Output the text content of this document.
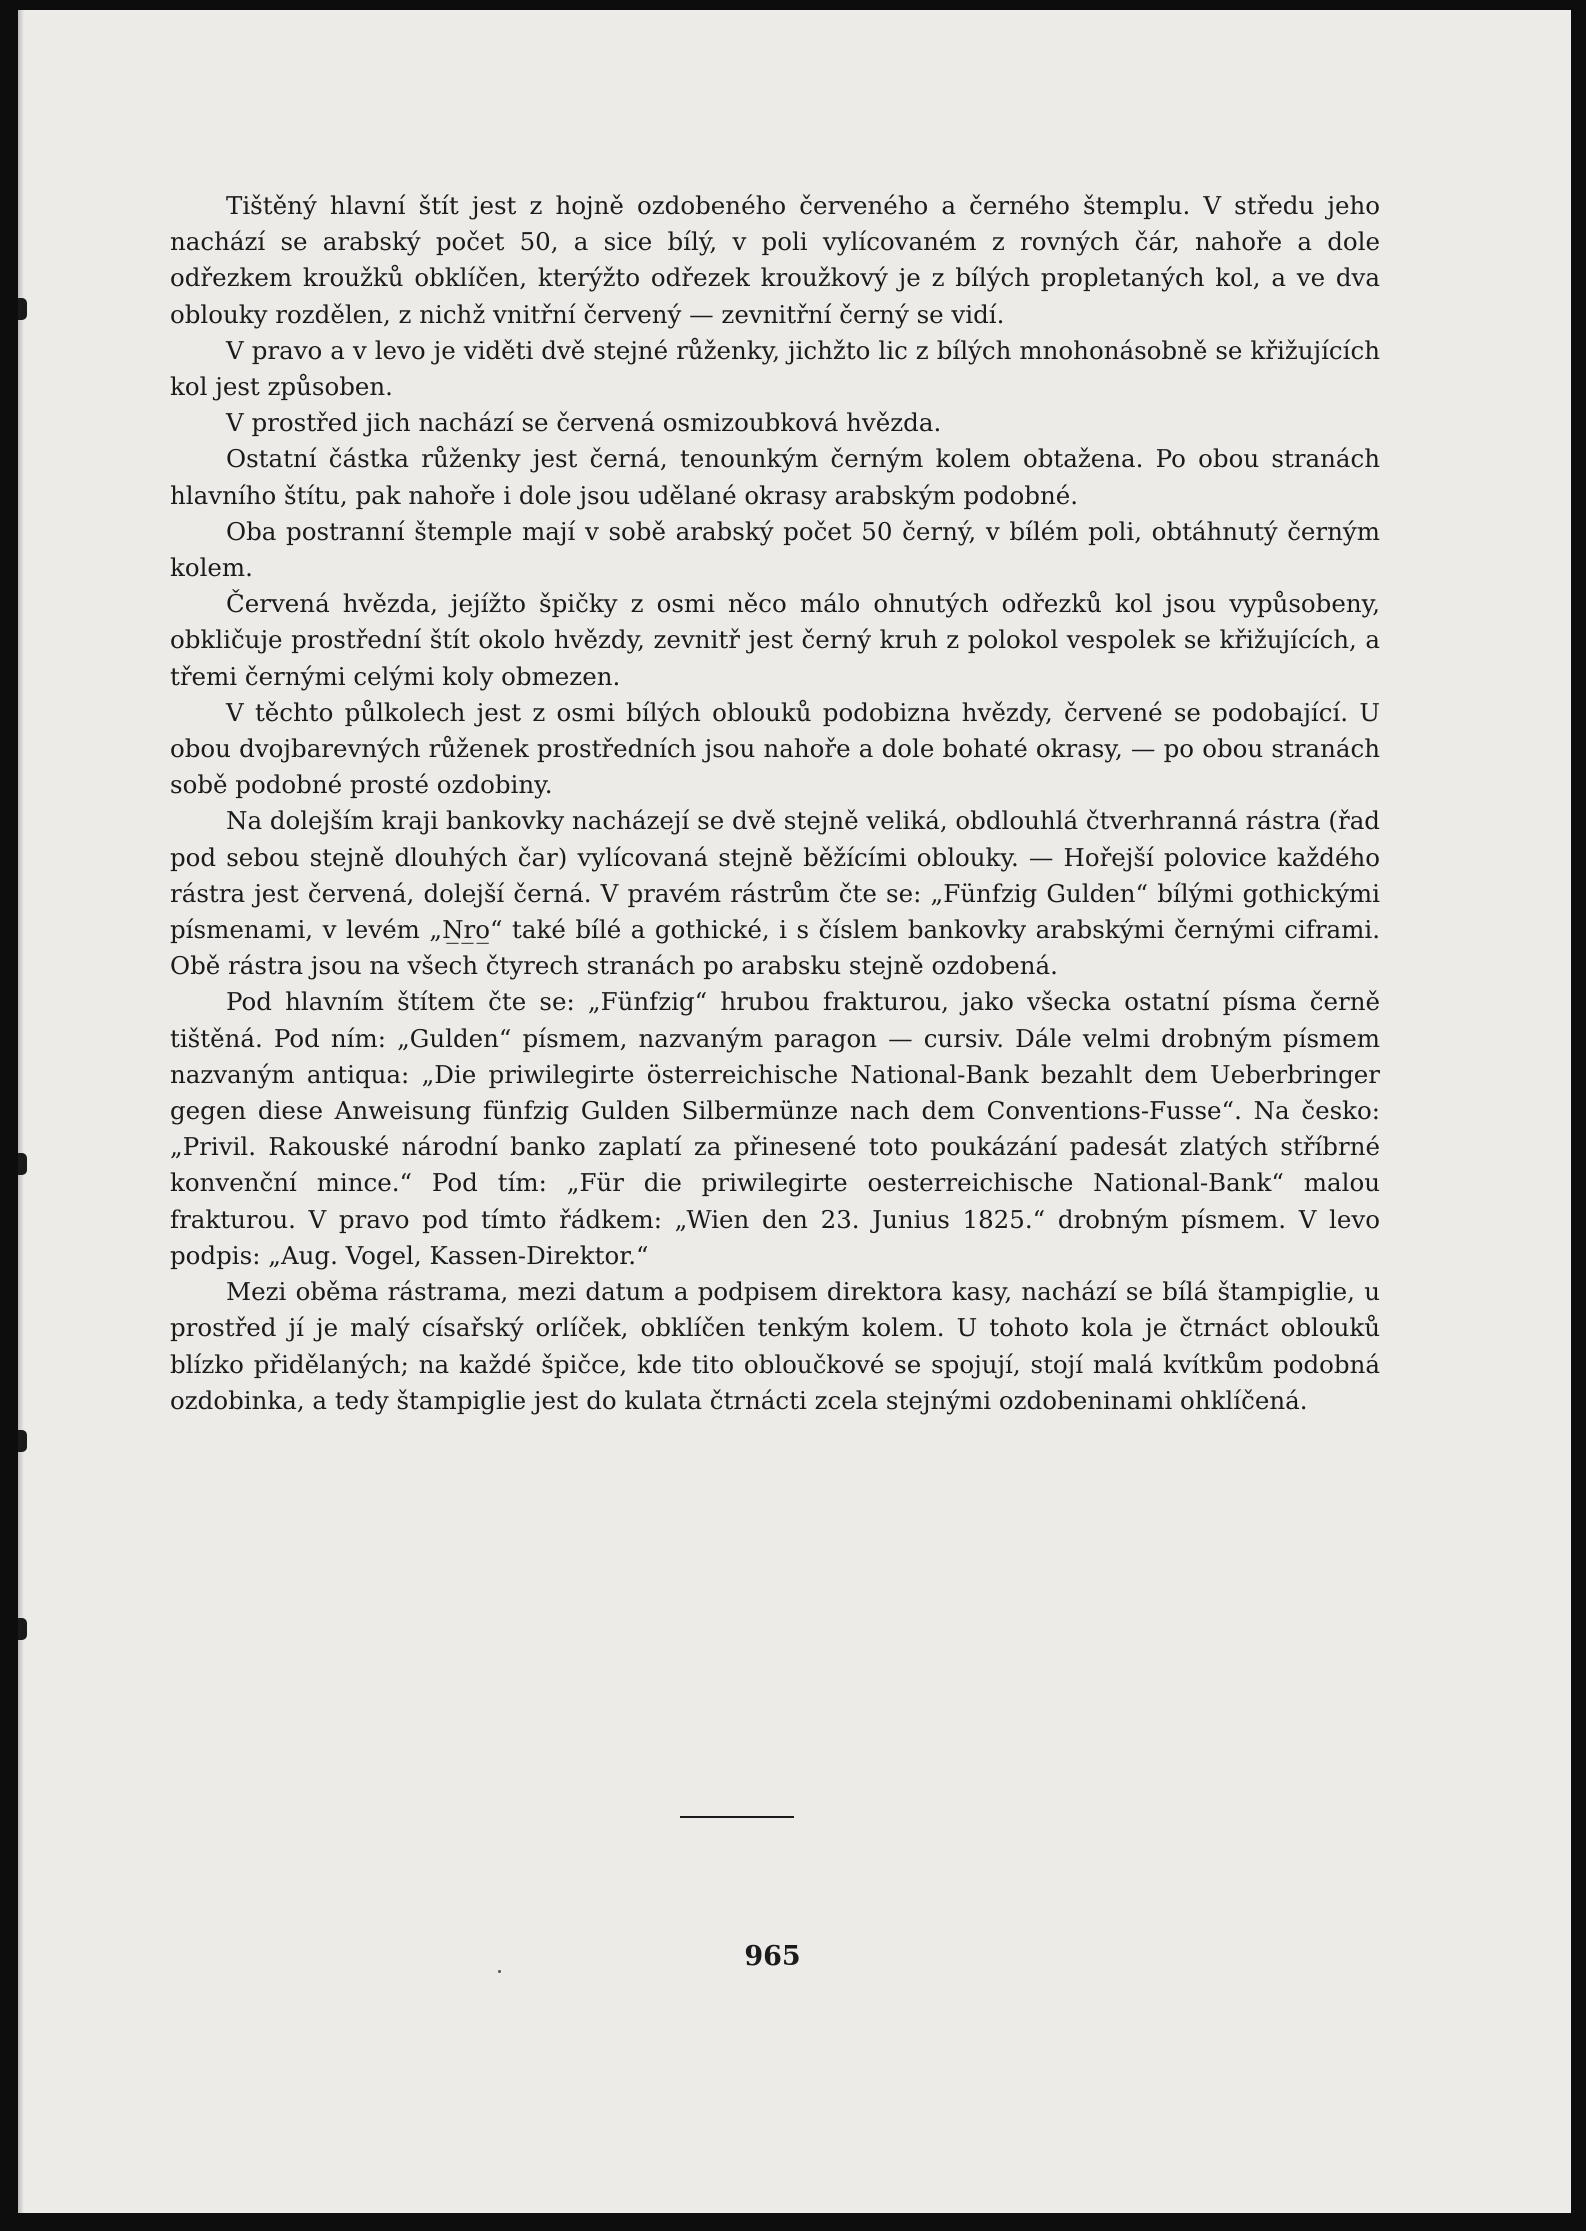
Tištěný hlavní štít jest z hojně ozdobeného červeného a černého štemplu. V středu jeho nachází se arabský počet 50, a sice bílý, v poli vylícovaném z rovných čár, nahoře a dole odřezkem kroužků obklíčen, kterýžto odřezek kroužkový je z bílých propletaných kol, a ve dva oblouky rozdělen, z nichž vnitřní červený — zevnitřní černý se vidí.

V pravo a v levo je viděti dvě stejné růženky, jichžto lic z bílých mnohonásobně se křižujících kol jest způsoben.

V prostřed jich nachází se červená osmizoubková hvězda.

Ostatní částka růženky jest černá, tenounkým černým kolem obtažena. Po obou stranách hlavního štítu, pak nahoře i dole jsou udělané okrasy arabským podobné.

Oba postranní štemple mají v sobě arabský počet 50 černý, v bílém poli, obtáhnutý černým kolem.

Červená hvězda, jejížto špičky z osmi něco málo ohnutých odřezků kol jsou vypůsobeny, obkličuje prostřední štít okolo hvězdy, zevnitř jest černý kruh z polokol vespolek se křižujících, a třemi černými celými koly obmezen.

V těchto půlkolech jest z osmi bílých oblouků podobizna hvězdy, červené se podobající. U obou dvojbarevných růženek prostředních jsou nahoře a dole bohaté okrasy, — po obou stranách sobě podobné prosté ozdobiny.

Na dolejším kraji bankovky nacházejí se dvě stejně veliká, obdlouhlá čtverhranná rástra (řad pod sebou stejně dlouhých čar) vylícovaná stejně běžícími oblouky. — Hořejší polovice každého rástra jest červená, dolejší černá. V pravém rástrům čte se: „Fünfzig Gulden“ bílými gothickými písmenami, v levém „N̲r̲o̲“ také bílé a gothické, i s číslem bankovky arabskými černými ciframi. Obě rástra jsou na všech čtyrech stranách po arabsku stejně ozdobená.

Pod hlavním štítem čte se: „Fünfzig“ hrubou frakturou, jako všecka ostatní písma černě tištěná. Pod ním: „Gulden“ písmem, nazvaným paragon — cursiv. Dále velmi drobným písmem nazvaným antiqua: „Die priwilegirte österreichische National-Bank bezahlt dem Ueberbringer gegen diese Anweisung fünfzig Gulden Silbermünze nach dem Conventions-Fusse“. Na česko: „Privil. Rakouské národní banko zaplatí za přinesené toto poukázání padesát zlatých stříbrné konvenční mince.“ Pod tím: „Für die priwilegirte oesterreichische National-Bank“ malou frakturou. V pravo pod tímto řádkem: „Wien den 23. Junius 1825.“ drobným písmem. V levo podpis: „Aug. Vogel, Kassen-Direktor.“

Mezi oběma rástrama, mezi datum a podpisem direktora kasy, nachází se bílá štampiglie, u prostřed jí je malý císařský orlíček, obklíčen tenkým kolem. U tohoto kola je čtrnáct oblouků blízko přidělaných; na každé špičce, kde tito obloučkové se spojují, stojí malá kvítkům podobná ozdobinka, a tedy štampiglie jest do kulata čtrnácti zcela stejnými ozdobeninami ohklíčená.

965
